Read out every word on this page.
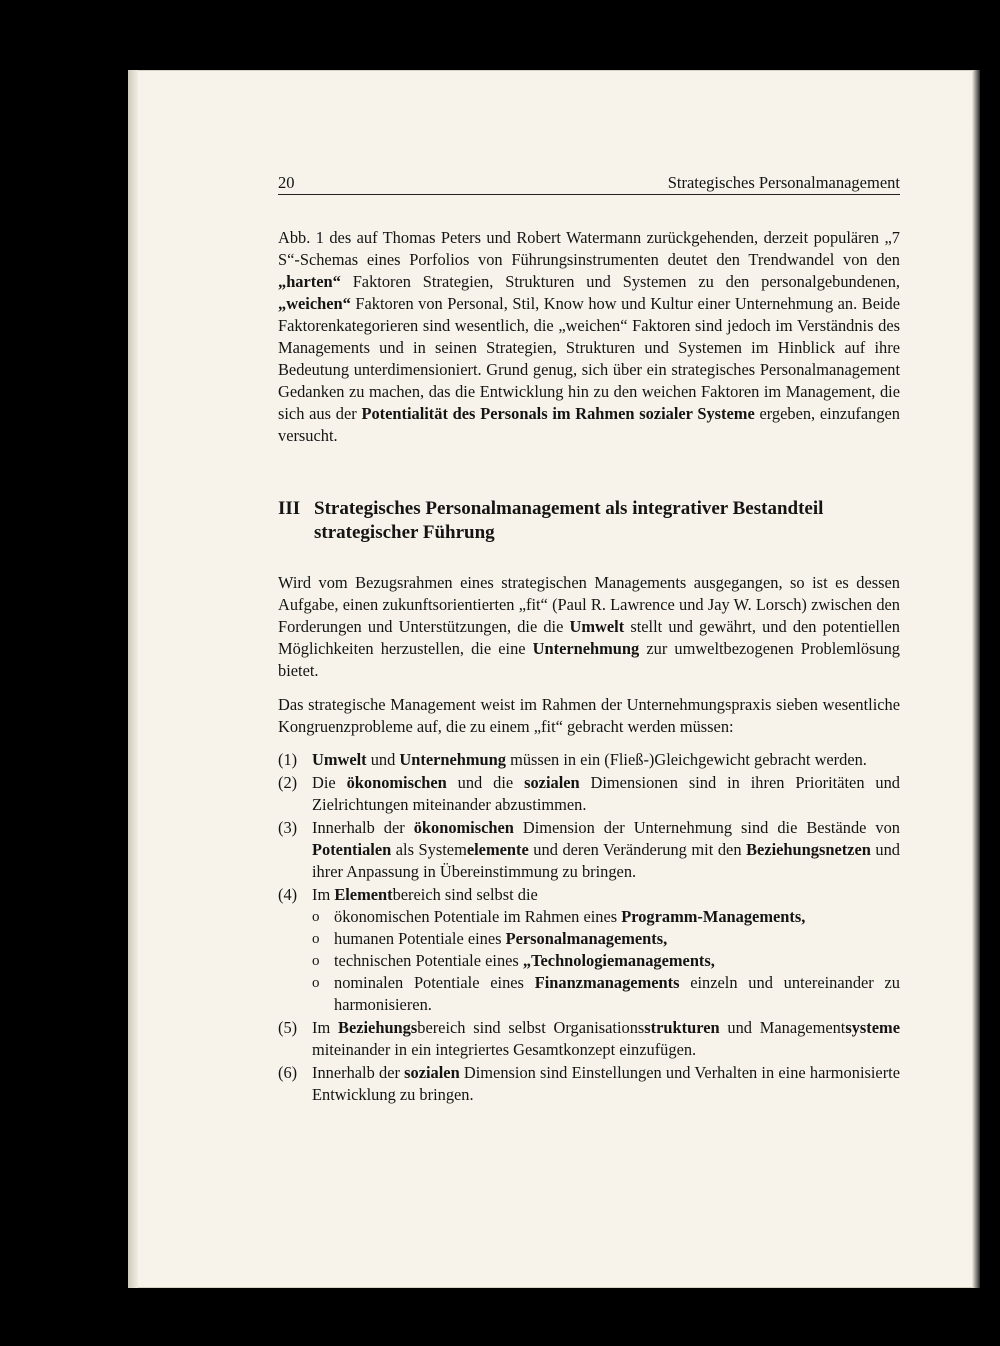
20	Strategisches Personalmanagement

Abb. 1 des auf Thomas Peters und Robert Watermann zurückgehenden, derzeit populären „7 S“-Schemas eines Porfolios von Führungsinstrumenten deutet den Trendwandel von den „harten“ Faktoren Strategien, Strukturen und Systemen zu den personalgebundenen, „weichen“ Faktoren von Personal, Stil, Know how und Kultur einer Unternehmung an. Beide Faktorenkategorieren sind wesentlich, die „weichen“ Faktoren sind jedoch im Verständnis des Managements und in seinen Strategien, Strukturen und Systemen im Hinblick auf ihre Bedeutung unterdimensioniert. Grund genug, sich über ein strategisches Personalmanagement Gedanken zu machen, das die Entwicklung hin zu den weichen Faktoren im Management, die sich aus der Potentialität des Personals im Rahmen sozialer Systeme ergeben, einzufangen versucht.

III Strategisches Personalmanagement als integrativer Bestandteil strategischer Führung

Wird vom Bezugsrahmen eines strategischen Managements ausgegangen, so ist es dessen Aufgabe, einen zukunftsorientierten „fit“ (Paul R. Lawrence und Jay W. Lorsch) zwischen den Forderungen und Unterstützungen, die die Umwelt stellt und gewährt, und den potentiellen Möglichkeiten herzustellen, die eine Unternehmung zur umweltbezogenen Problemlösung bietet.

Das strategische Management weist im Rahmen der Unternehmungspraxis sieben wesentliche Kongruenzprobleme auf, die zu einem „fit“ gebracht werden müssen:

(1) Umwelt und Unternehmung müssen in ein (Fließ-)Gleichgewicht gebracht werden.
(2) Die ökonomischen und die sozialen Dimensionen sind in ihren Prioritäten und Zielrichtungen miteinander abzustimmen.
(3) Innerhalb der ökonomischen Dimension der Unternehmung sind die Bestände von Potentialen als Systemelemente und deren Veränderung mit den Beziehungsnetzen und ihrer Anpassung in Übereinstimmung zu bringen.
(4) Im Elementbereich sind selbst die
o ökonomischen Potentiale im Rahmen eines Programm-Managements,
o humanen Potentiale eines Personalmanagements,
o technischen Potentiale eines „Technologiemanagements,
o nominalen Potentiale eines Finanzmanagements einzeln und untereinander zu harmonisieren.
(5) Im Beziehungsbereich sind selbst Organisationsstrukturen und Managementsysteme miteinander in ein integriertes Gesamtkonzept einzufügen.
(6) Innerhalb der sozialen Dimension sind Einstellungen und Verhalten in eine harmonisierte Entwicklung zu bringen.
